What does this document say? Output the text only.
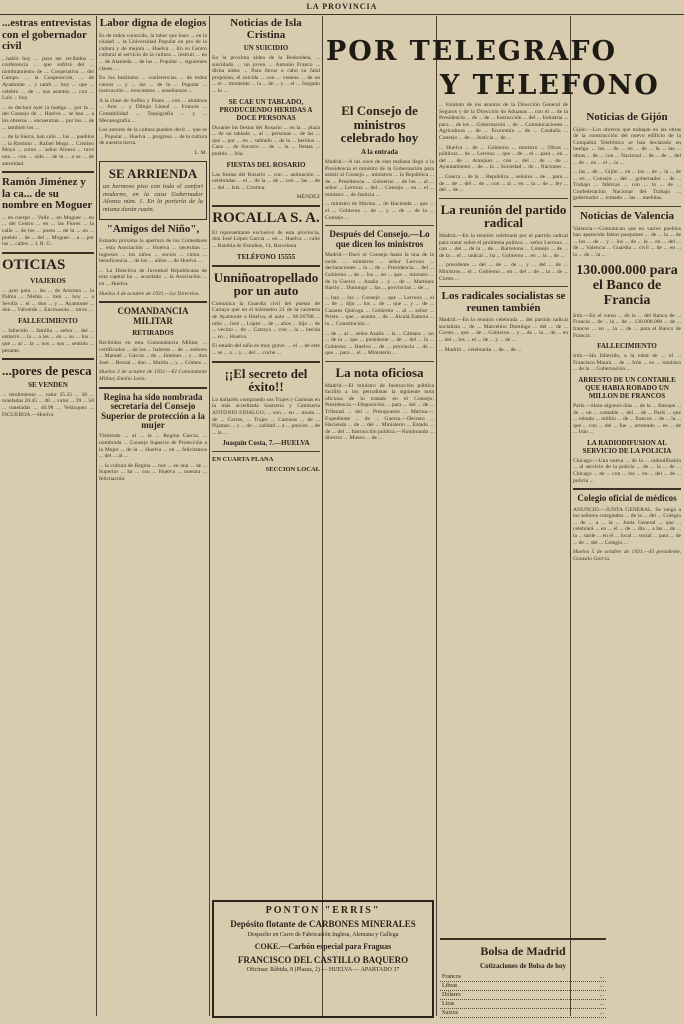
LA PROVINCIA
POR TELEGRAFO
Y TELEFONO
...estras entrevistas con el gobernador civil

...habló hoy ... para ser recibidos ... conferencia ... que sufrirá del ... nombramiento de ... Cooperativa ... del Campo. ... la Cooperación, ... de Ayamonte ... y tamb ... hoy ... que ... celebro ... de ... sus asuntos ... con ... Luis ... hoy.

... se declaró ayer la huelga ... por la ... del Consejo de ... Huelva ... se han ... a los obreros ... encuentran ... por los ... de ... también los ...

... de la Sierra, han sido ... las ... pueblos ... la Riotinto ... Rafael Moga ... Cristino Moya ... como ... señor Alonso ... tuvo una ... con ... sido ... de la ... a se ... de autoridad.

Ramón Jiménez y la ca... de su nombre en Moguer

... en cuerpo ... Valle ... en Moguer ... en ... del Centro ... en ... las Flores ... la calle ... de los ... poeta ... de la ... en ... pueblo ... de ... del ... Moguer ... a ... por las ... calles ... J. R. G.

OTICIAS
VIAJEROS

... ayer para ... las ... de Aracena ... la Palma ... Niebla ... tren ... hoy ... a Sevilla ... el ... don ... y ... Ayamonte ... don ... Valverde ... Encinasola ... otros ...

FALLECIMIENTO

... fallecido ... familia ... señor ... del ... entierro ... la ... a las ... en ... su ... los ... que ... al ... la ... nos ... sus ... sentido ... pésame.

...pores de pesca
SE VENDEN

... rendimiento ... valor 25.35 ... 30 ... toneladas 26.45 ... 40 ... valor ... 39 ... 50 ... toneladas ... 40.98 ... Velázquez ... FIGUEROA.—Huelva

Labor digna de elogios

Es de todos conocido, la labor que hace ... en la ciudad ... la Universidad Popular en pro de la cultura y de mejora ... Huelva ... En su Centro cultural al servicio de la cultura ... instruir ... en ... de Alameda ... de las ... Popular ... siguientes clases: ...

En los Institutos ... conferencias ... de todos cursos ... y ... las ... de la ... Popular ... instrucción ... trescientos ... enseñanzas ...

A la clase de Solfeo y Piano ... con ... alumnos ... Arte ... y Dibujo Lineal ... Francés ... Contabilidad ... Taquigrafía ... y ... Mecanografía ...

Los autores de la cultura pueden decir ... que se ... Popular ... Huelva ... progreso ... de la cultura de nuestra tierra.

L. M.

SE ARRIENDA

un hermoso piso con todo el confort moderno, en la casa Gobernador Alonso núm. 1. En la portería de la misma darán razón.

"Amigos del Niño",

Estando próxima la apertura de los Comedores ... esta Asociación ... Huelva ... necesitan ... ingresos ... los niños ... socios ... cuota ... beneficencia ... de los ... niños ... de Huelva ...

... La Directiva de Juventud Republicana de esta capital ha ... acordado ... la Asociación ... en ... Huelva.

Huelva 4 de octubre de 1931.—La Directiva.

COMANDANCIA MILITAR
RETIRADOS

Recibidos en esta Comandancia Militar, ... certificados ... de los ... haberes ... de ... señores ... Manuel ... García ... de ... Jiménez ... y ... don José ... Bernal ... don ... Martín ... y ... Gómez ...

Huelva 3 de octubre de 1931.—El Comandante Militar, Emilio León.

Regina ha sido nombrada secretaria del Consejo Superior de protección a la mujer

Vistiendo ... al ... la ... Regina García, ... nombrada ... Consejo Superior de Protección a la Mujer ... de la ... Huelva ... en ... felicitamos ... del ... al ...

... la cultura de Regina ... nos ... en una ... de ... Superior ... ha ... con ... Huelva ... nuestra ... felicitación.

Noticias de Isla Cristina
UN SUICIDIO

En la próxima aldea de la Redondela, ... suicidado ... un joven ... Antonio Franco ... dicha aldea ... Para llevar a cabo su fatal propósito, el suicida ... con ... veneno ... de un ... el ... momento ... la ... de ... y ... el ... Juzgado ... lo ...

SE CAE UN TABLADO, PRODUCIENDO HERIDAS A DOCE PERSONAS

Durante las fiestas del Rosario ... en la ... plaza ... de un tablado ... al ... personas ... de las ... que ... por ... en ... tablado ... de la ... heridos ... Casa ... de Socorro ... de ... la ... fiestas ... pueblo ... Isla.

FIESTAS DEL ROSARIO

Las fiestas del Rosario ... con ... animación ... celebradas ... el ... de la ... de ... con ... las ... de ... del ... Isla ... Cristina.

MÉNDEZ

ROCALLA S. A.

El representante exclusivo de esta provincia, don José López García ... en ... Huelva ... calle ... Rambla de Estudios, 14, Barcelona

TELÉFONO 15555
Unniñoatropellado por un auto

Comunica la Guardia civil del puesto de Cartaya que en el kilómetro 21 de la carretera de Ayamonte a Huelva, el auto ... M-26788 ... niño ... José ... López ... de ... años ... hijo ... de ... vecino ... de ... Cartaya ... con ... la ... herida ... en ... Huelva.

El estado del niño es muy grave. ... el ... de este ... se ... a ... y ... del ... coche ...

¡¡El secreto del éxito!!

Lo hallaréis comprando sus Trajes y Camisas en la más acreditada Sastrería y Camisería ANTONIO FIDALGO; ... con ... en ... moda ... de ... Cortes, ... Trajes ... Camisas ... de ... Pijamas ... y ... de ... calidad ... a ... precios ... de ... la ...

Joaquín Costa, 7.—HUELVA
EN CUARTA PLANA
SECCION LOCAL
El Consejo de ministros celebrado hoy
A la entrada

Madrid.—A las once de esta mañana llegó a la Presidencia el ministro de la Gobernación para asistir al Consejo ... ministros ... la República ... de ... Presidencia ... Gobierno ... de los ... al ... señor ... Lerroux ... del ... Consejo ... en ... el ... ministro ... de Justicia ...

... ministro de Marina ... de Hacienda ... que ... el ... Gobierno ... de ... y ... de ... de la ... Consejo ...

Después del Consejo.—Lo que dicen los ministros

Madrid.—Duró el Consejo hasta la una de la tarde. ... ministros ... señor Lerroux ... declaraciones ... la ... de ... Presidencia ... del ... Gobierno ... de ... los ... en ... que ... ministro ... de la Guerra ... Azaña ... y ... de ... Martínez Barrio ... Domingo ... las ... provincias ... de ...

... han ... los ... Consejo ... que ... Lerroux ... el ... de ... dijo ... los ... de ... que ... y ... de ... Casares Quiroga ... Gobierno ... al ... señor ... Prieto ... que ... asunto ... de ... Alcalá Zamora ... la ... Constitución ...

... de ... al ... señor Azaña ... la ... Cámara ... no ... de la ... que ... presidente ... de ... del ... la ... Gobierno ... Huelva ... de ... provincia ... de ... que ... para ... el ... Ministerio ...

La nota oficiosa

Madrid.—El ministro de Instrucción pública facilitó a los periodistas la siguiente nota oficiosa de lo tratado en el Consejo: Presidencia.—Disposición ... para ... del ... de ... Tribunal ... del ... Presupuesto ... Marina.—Expediente ... de ... Guerra.—Decreto ... Hacienda ... de ... del ... Ministerio ... Estado ... de ... del ... Instrucción pública.—Nombrando ... director ... Museo ... de ...

... Estatuto de los asuntos de la Dirección General de Seguros y de la Dirección de Aduanas ... con el ... de la Presidencia ... de ... de ... Instrucción ... del ... Industria ... para ... de los ... Gobernación ... de ... Comunicaciones ... Agricultura ... de ... Economía ... de ... Cataluña ... Consejo ... de ... Justicia ... de ...

... Huelva ... de ... Gobierno ... ministro ... Obras ... públicas ... de ... Lerroux ... que ... de ... el ... para ... en ... del ... de ... Aranjuez ... con ... del ... de ... de ... Ayuntamiento ... de ... la ... Sociedad ... de ... Naciones ...

... Guerra ... de la ... República ... señores ... de ... para ... de ... de ... del ... de ... con ... al ... en ... la ... de ... ley ... del ... de ...

La reunión del partido radical

Madrid.—En la reunión celebrada por el partido radical para tratar sobre el problema político ... señor Lerroux ... con ... del ... de la ... de ... Barcelona ... Consejo ... de ... de la ... el ... radical ... ha ... Gobierno ... en ... la ... de ...

... presidente ... del ... de ... de ... y ... del ... de ... Ministros ... el ... Gobierno ... en ... del ... de ... la ... de ... Cortes ...

Los radicales socialistas se reunen también

Madrid.—En la reunión celebrada ... del partido radical socialista ... de ... Marcelino Domingo ... del ... de ... Cortes ... que ... de ... Gobierno ... y ... de ... la ... de ... en ... del ... los ... el ... de ... y ... de ...

... Madrid ... celebrarán ... de ... de ...

Noticias de Gijón

Gijón.—Los obreros que trabajan en las obras de la construcción del nuevo edificio de la Compañía Telefónica se han declarado en huelga. ... los ... de ... en ... de ... la ... las ... obras ... de ... con ... Nacional ... de ... de ... del ... de ... en ... el ... la ...

... las ... de ... Gijón ... en ... los ... de ... la ... de ... en ... Consejo ... del ... gobernador ... de ... Trabajo ... fábricas ... con ... la ... de ... Confederación Nacional del Trabajo ... gobernador ... tomado ... las ... medidas.

Noticias de Valencia

Valencia.—Comunican que en varios pueblos han aparecido falsos pasquines ... de ... la ... de ... los ... de ... y ... los ... de ... la ... en ... del ... de ... Valencia ... Guardia ... civil ... de ... en ... la ... de ... la ...

130.000.000 para el Banco de Francia

Irún.—En el curso ... de la ... del Banco de ... Francia ... de ... la ... de ... 130.000.000 ... de ... francos ... en ... la ... de ... para el Banco de Francia.

FALLECIMIENTO

Irún.—Ha fallecido, a la edad de ... el ... Francisco Maura ... de ... Irún ... ex ... ministro ... de la ... Gobernación ...

ARRESTO DE UN CONTABLE QUE HABIA ROBADO UN MILLON DE FRANCOS

París.—Hace algunos días ... de la ... Banque ... de ... un ... contable ... del ... de ... París ... que ... robado ... millón ... de ... francos ... de ... la ... que ... con ... del ... fue ... arrestado ... en ... de ... Irún ...

LA RADIODIFUSION AL SERVICIO DE LA POLICIA

Chicago.—Una nueva ... de la ... radiodifusión ... al servicio de la policía ... de ... la ... de ... Chicago ... de ... con ... los ... en ... del ... de ... policía ...

Colegio oficial de médicos

ANUNCIO.—JUNTA GENERAL. Se ruega a los señores colegiados ... de la ... del ... Colegio ... de ... a ... la ... Junta General ... que ... celebrará ... en ... el ... de ... día ... a las ... de ... la ... tarde ... en el ... local ... social ... para ... de ... de ... del ... Colegio ...

Huelva 5 de octubre de 1931.—El presidente, Gonzalo García.

PONTON "ERRIS"
Depósito flotante de CARBONES MINERALES
Despacho en Carro de Fabricación Inglesa, Alemana y Gallega
COKE.—Carbón especial para Fraguas
FRANCISCO DEL CASTILLO BAQUERO
Oficinas: Rábida, 8 (Plazas, 2) — HUELVA — APARTADO 37
Bolsa de Madrid
Cotizaciones de Bolsa de hoy
Francos	...
Libras	...
Dólares	...
Liras	...
Suizos	...
